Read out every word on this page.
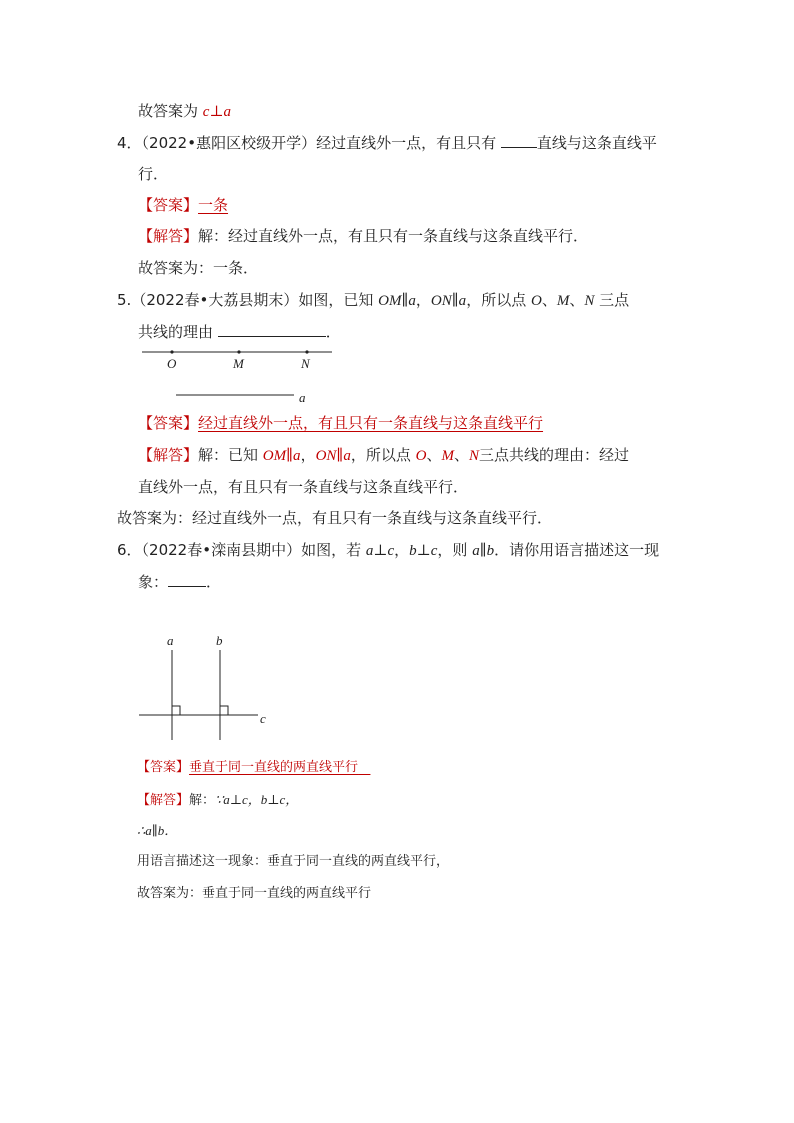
故答案为 c⊥a
4．（2022•惠阳区校级开学）经过直线外一点，有且只有 直线与这条直线平
行．
【答案】一条
【解答】解：经过直线外一点，有且只有一条直线与这条直线平行．
故答案为：一条．
5.（2022春•大荔县期末）如图，已知 OM∥a，ON∥a，所以点 O、M、N 三点
共线的理由	．
O	M	N
a
【答案】经过直线外一点，有且只有一条直线与这条直线平行
【解答】解：已知 OM∥a，ON∥a，所以点 O、M、N三点共线的理由：经过
直线外一点，有且只有一条直线与这条直线平行．
故答案为：经过直线外一点，有且只有一条直线与这条直线平行．
6．（2022春•滦南县期中）如图，若 a⊥c，b⊥c，则 a∥b．请你用语言描述这一现
象：	．
a	b
c
【答案】垂直于同一直线的两直线平行
【解答】解：∵a⊥c，b⊥c，
∴a∥b．
用语言描述这一现象：垂直于同一直线的两直线平行，
故答案为：垂直于同一直线的两直线平行
